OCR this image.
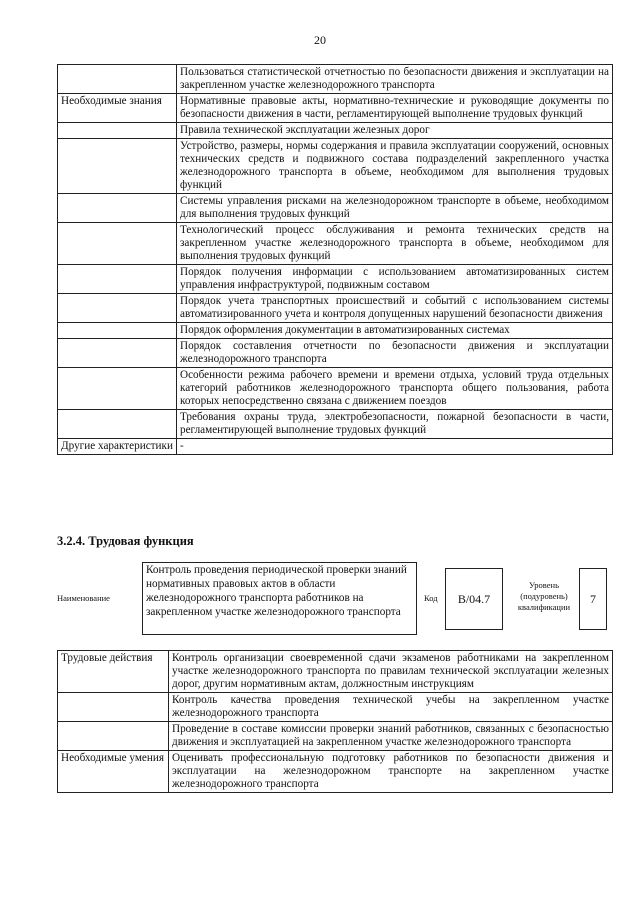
20
	Пользоваться статистической отчетностью по безопасности движения и эксплуатации на закрепленном участке железнодорожного транспорта
Необходимые знания	Нормативные правовые акты, нормативно-технические и руководящие документы по безопасности движения в части, регламентирующей выполнение трудовых функций
	Правила технической эксплуатации железных дорог
	Устройство, размеры, нормы содержания и правила эксплуатации сооружений, основных технических средств и подвижного состава подразделений закрепленного участка железнодорожного транспорта в объеме, необходимом для выполнения трудовых функций
	Системы управления рисками на железнодорожном транспорте в объеме, необходимом для выполнения трудовых функций
	Технологический процесс обслуживания и ремонта технических средств на закрепленном участке железнодорожного транспорта в объеме, необходимом для выполнения трудовых функций
	Порядок получения информации с использованием автоматизированных систем управления инфраструктурой, подвижным составом
	Порядок учета транспортных происшествий и событий с использованием системы автоматизированного учета и контроля допущенных нарушений безопасности движения
	Порядок оформления документации в автоматизированных системах
	Порядок составления отчетности по безопасности движения и эксплуатации железнодорожного транспорта
	Особенности режима рабочего времени и времени отдыха, условий труда отдельных категорий работников железнодорожного транспорта общего пользования, работа которых непосредственно связана с движением поездов
	Требования охраны труда, электробезопасности, пожарной безопасности в части, регламентирующей выполнение трудовых функций
Другие характеристики	-
3.2.4. Трудовая функция
Наименование
Контроль проведения периодической проверки знаний нормативных правовых актов в области железнодорожного транспорта работников на закрепленном участке железнодорожного транспорта
Код	B/04.7
Уровень (подуровень) квалификации
7
Трудовые действия	Контроль организации своевременной сдачи экзаменов работниками на закрепленном участке железнодорожного транспорта по правилам технической эксплуатации железных дорог, другим нормативным актам, должностным инструкциям
	Контроль качества проведения технической учебы на закрепленном участке железнодорожного транспорта
	Проведение в составе комиссии проверки знаний работников, связанных с безопасностью движения и эксплуатацией на закрепленном участке железнодорожного транспорта
Необходимые умения	Оценивать профессиональную подготовку работников по безопасности движения и эксплуатации на железнодорожном транспорте на закрепленном участке железнодорожного транспорта
